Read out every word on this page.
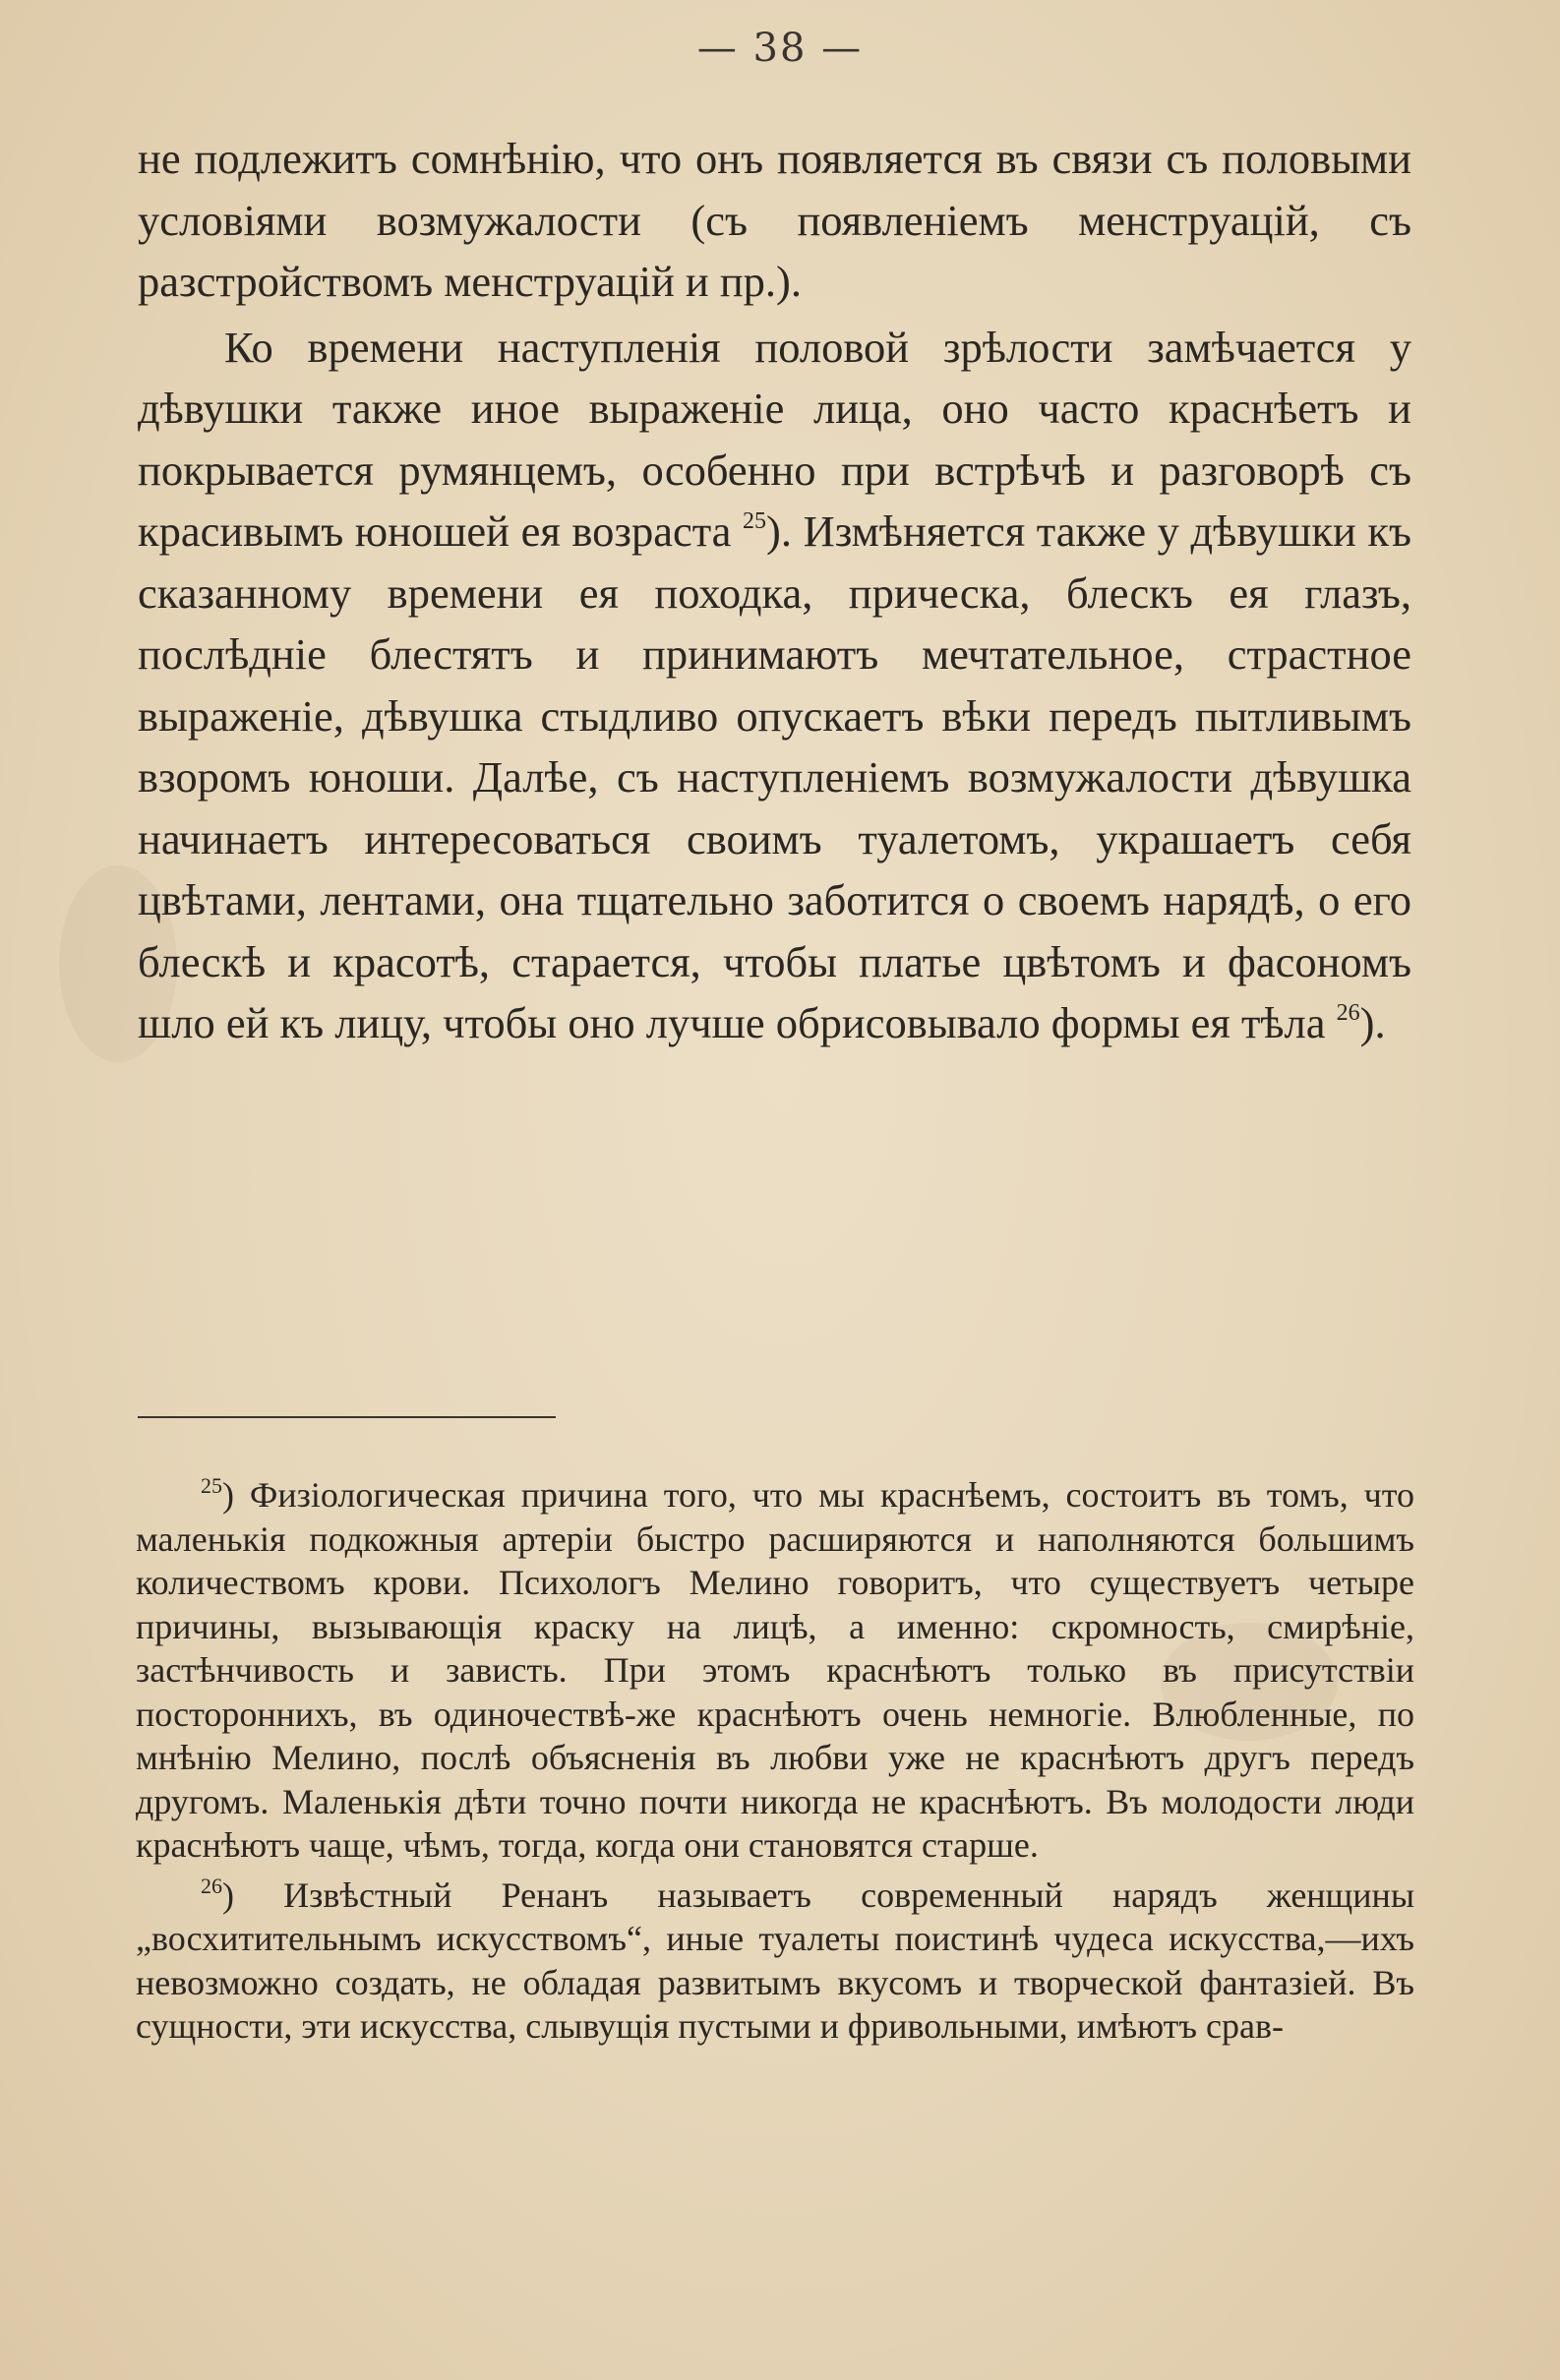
— 38 —

не подлежитъ сомнѣнію, что онъ появляется въ связи съ половыми условіями возмужалости (съ появленіемъ менструацій, съ разстройствомъ менструацій и пр.).

Ко времени наступленія половой зрѣлости замѣчается у дѣвушки также иное выраженіе лица, оно часто краснѣетъ и покрывается румянцемъ, особенно при встрѣчѣ и разговорѣ съ красивымъ юношей ея возраста $^{25}$). Измѣняется также у дѣвушки къ сказанному времени ея походка, прическа, блескъ ея глазъ, послѣдніе блестятъ и принимаютъ мечтательное, страстное выраженіе, дѣвушка стыдливо опускаетъ вѣки передъ пытливымъ взоромъ юноши. Далѣе, съ наступленіемъ возмужалости дѣвушка начинаетъ интересоваться своимъ туалетомъ, украшаетъ себя цвѣтами, лентами, она тщательно заботится о своемъ нарядѣ, о его блескѣ и красотѣ, старается, чтобы платье цвѣтомъ и фасономъ шло ей къ лицу, чтобы оно лучше обрисовывало формы ея тѣла $^{26}$).

$^{25}$) Физіологическая причина того, что мы краснѣемъ, состоитъ въ томъ, что маленькія подкожныя артеріи быстро расширяются и наполняются большимъ количествомъ крови. Психологъ Мелино говоритъ, что существуетъ четыре причины, вызывающія краску на лицѣ, а именно: скромность, смирѣніе, застѣнчивость и зависть. При этомъ краснѣютъ только въ присутствіи постороннихъ, въ одиночествѣ-же краснѣютъ очень немногіе. Влюбленные, по мнѣнію Мелино, послѣ объясненія въ любви уже не краснѣютъ другъ передъ другомъ. Маленькія дѣти точно почти никогда не краснѣютъ. Въ молодости люди краснѣютъ чаще, чѣмъ, тогда, когда они становятся старше.

$^{26}$) Извѣстный Ренанъ называетъ современный нарядъ женщины „восхитительнымъ искусствомъ“, иные туалеты поистинѣ чудеса искусства,—ихъ невозможно создать, не обладая развитымъ вкусомъ и творческой фантазіей. Въ сущности, эти искусства, слывущія пустыми и фривольными, имѣютъ срав-
